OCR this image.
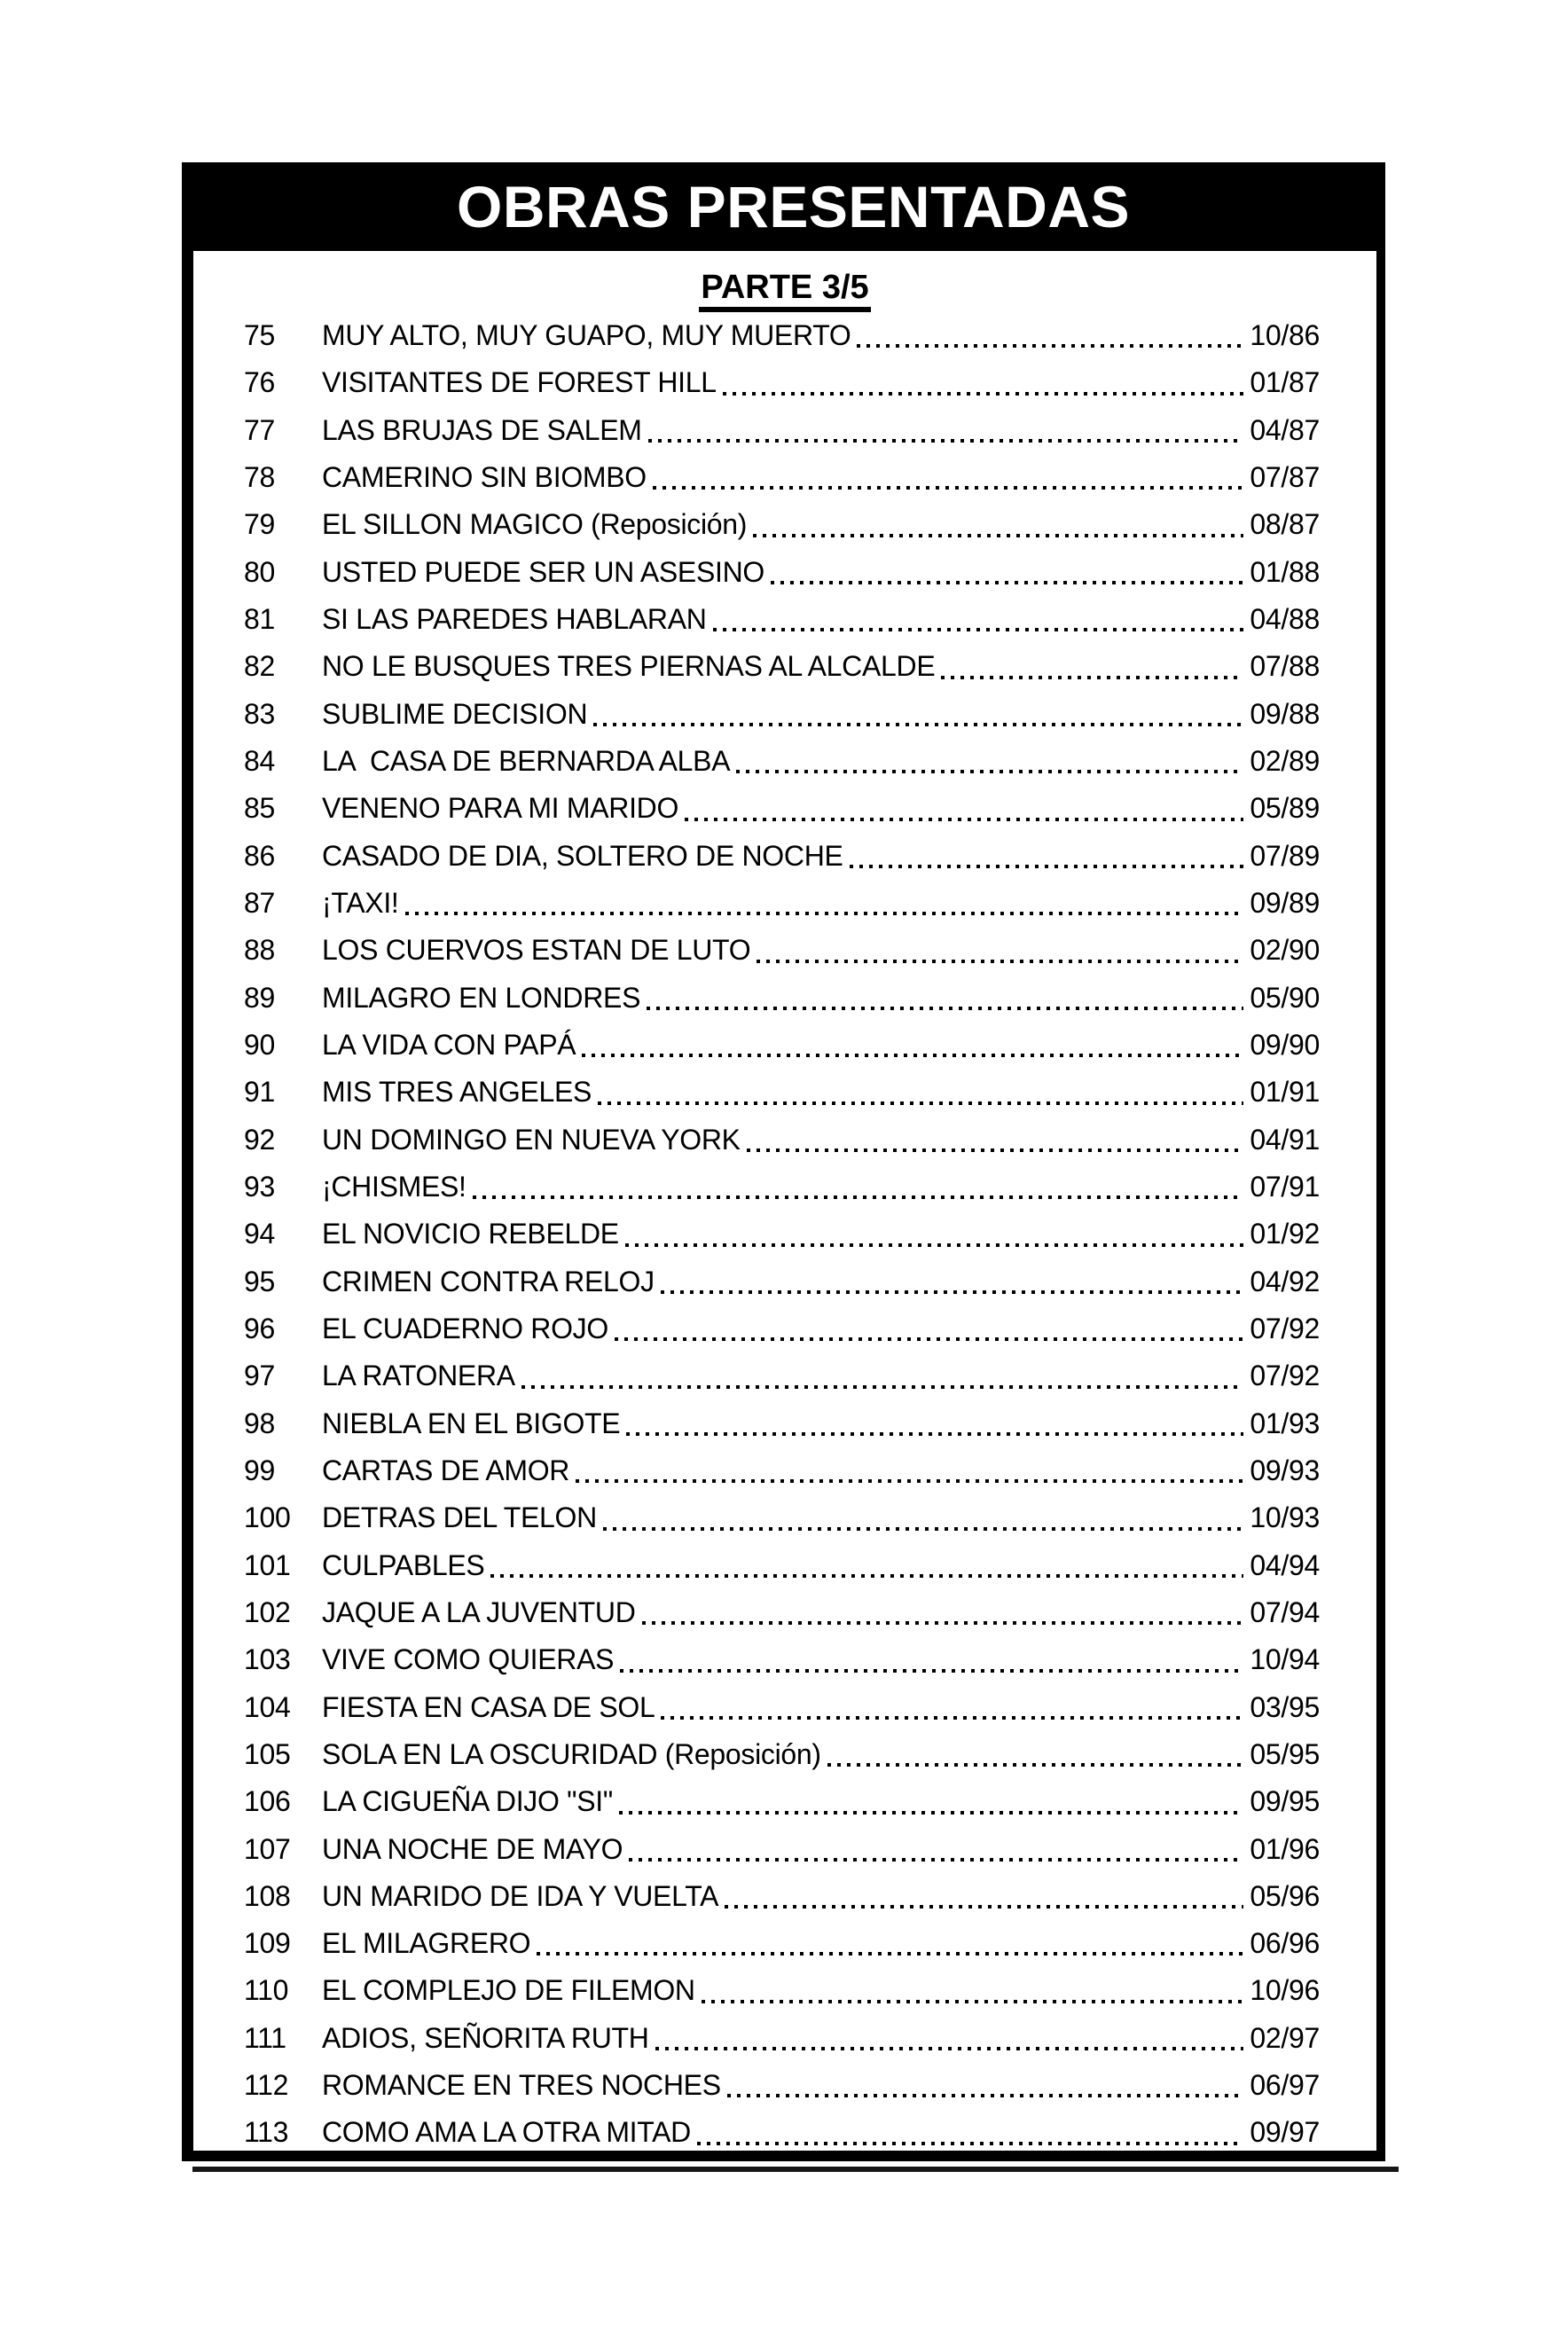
OBRAS PRESENTADAS
PARTE 3/5
75	MUY ALTO, MUY GUAPO, MUY MUERTO	10/86
76	VISITANTES DE FOREST HILL	01/87
77	LAS BRUJAS DE SALEM	04/87
78	CAMERINO SIN BIOMBO	07/87
79	EL SILLON MAGICO (Reposición)	08/87
80	USTED PUEDE SER UN ASESINO	01/88
81	SI LAS PAREDES HABLARAN	04/88
82	NO LE BUSQUES TRES PIERNAS AL ALCALDE	07/88
83	SUBLIME DECISION	09/88
84	LA  CASA DE BERNARDA ALBA	02/89
85	VENENO PARA MI MARIDO	05/89
86	CASADO DE DIA, SOLTERO DE NOCHE	07/89
87	¡TAXI!	09/89
88	LOS CUERVOS ESTAN DE LUTO	02/90
89	MILAGRO EN LONDRES	05/90
90	LA VIDA CON PAPÁ	09/90
91	MIS TRES ANGELES	01/91
92	UN DOMINGO EN NUEVA YORK	04/91
93	¡CHISMES!	07/91
94	EL NOVICIO REBELDE	01/92
95	CRIMEN CONTRA RELOJ	04/92
96	EL CUADERNO ROJO	07/92
97	LA RATONERA	07/92
98	NIEBLA EN EL BIGOTE	01/93
99	CARTAS DE AMOR	09/93
100	DETRAS DEL TELON	10/93
101	CULPABLES	04/94
102	JAQUE A LA JUVENTUD	07/94
103	VIVE COMO QUIERAS	10/94
104	FIESTA EN CASA DE SOL	03/95
105	SOLA EN LA OSCURIDAD (Reposición)	05/95
106	LA CIGUEÑA DIJO "SI"	09/95
107	UNA NOCHE DE MAYO	01/96
108	UN MARIDO DE IDA Y VUELTA	05/96
109	EL MILAGRERO	06/96
110	EL COMPLEJO DE FILEMON	10/96
111	ADIOS, SEÑORITA RUTH	02/97
112	ROMANCE EN TRES NOCHES	06/97
113	COMO AMA LA OTRA MITAD	09/97
